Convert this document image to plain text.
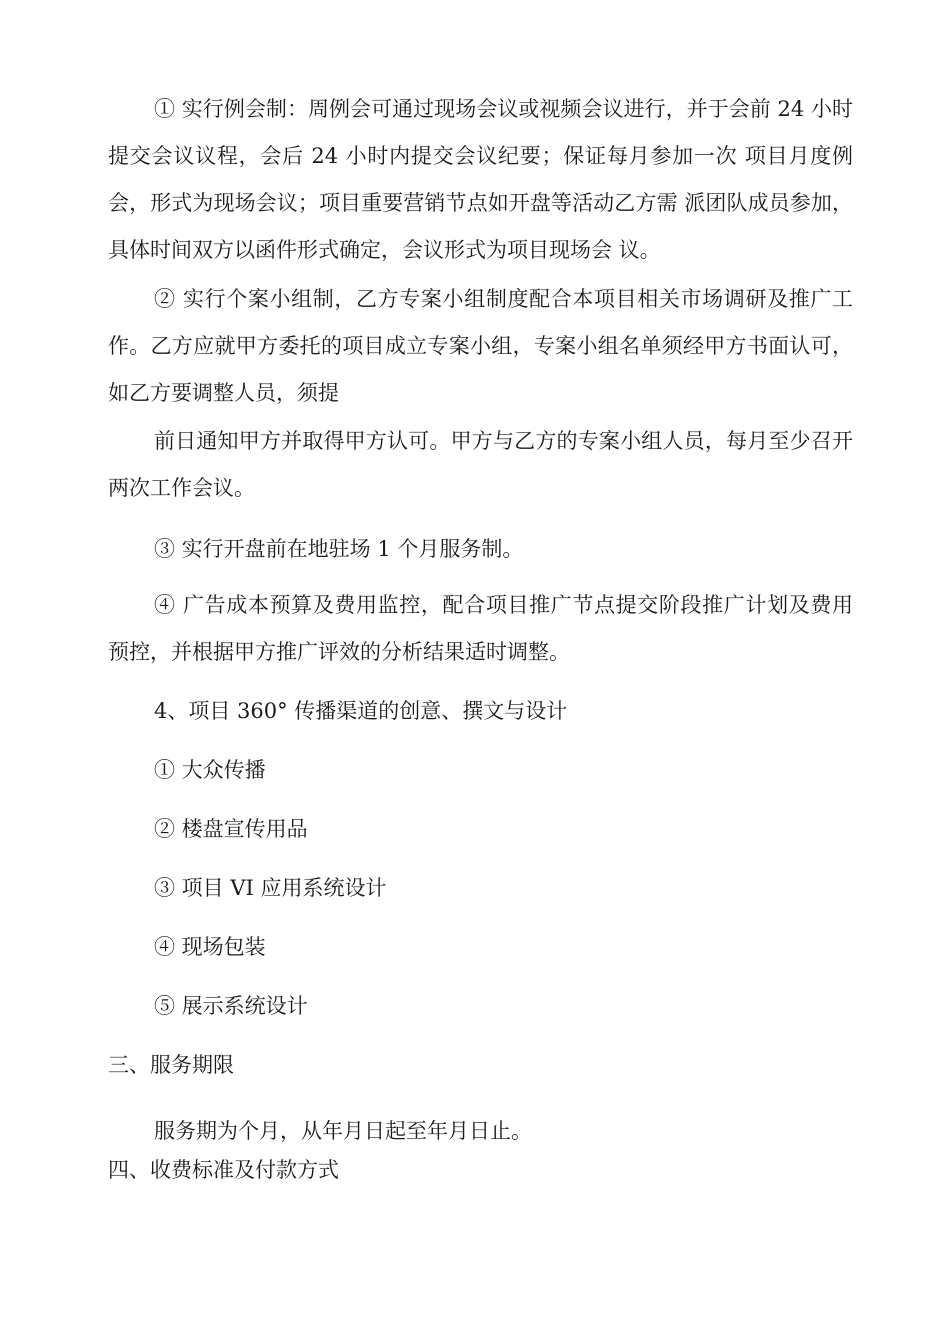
① 实行例会制：周例会可通过现场会议或视频会议进行，并于会前 24 小时提交会议议程，会后 24 小时内提交会议纪要；保证每月参加一次 项目月度例会，形式为现场会议；项目重要营销节点如开盘等活动乙方需 派团队成员参加，具体时间双方以函件形式确定，会议形式为项目现场会 议。

② 实行个案小组制，乙方专案小组制度配合本项目相关市场调研及推广工作。乙方应就甲方委托的项目成立专案小组，专案小组名单须经甲方书面认可，如乙方要调整人员，须提

前日通知甲方并取得甲方认可。甲方与乙方的专案小组人员，每月至少召开两次工作会议。

③ 实行开盘前在地驻场 1 个月服务制。

④ 广告成本预算及费用监控，配合项目推广节点提交阶段推广计划及费用预控，并根据甲方推广评效的分析结果适时调整。

4、项目 360° 传播渠道的创意、撰文与设计

① 大众传播

② 楼盘宣传用品

③ 项目 VI 应用系统设计

④ 现场包装

⑤ 展示系统设计

三、服务期限

服务期为个月，从年月日起至年月日止。

四、收费标准及付款方式
